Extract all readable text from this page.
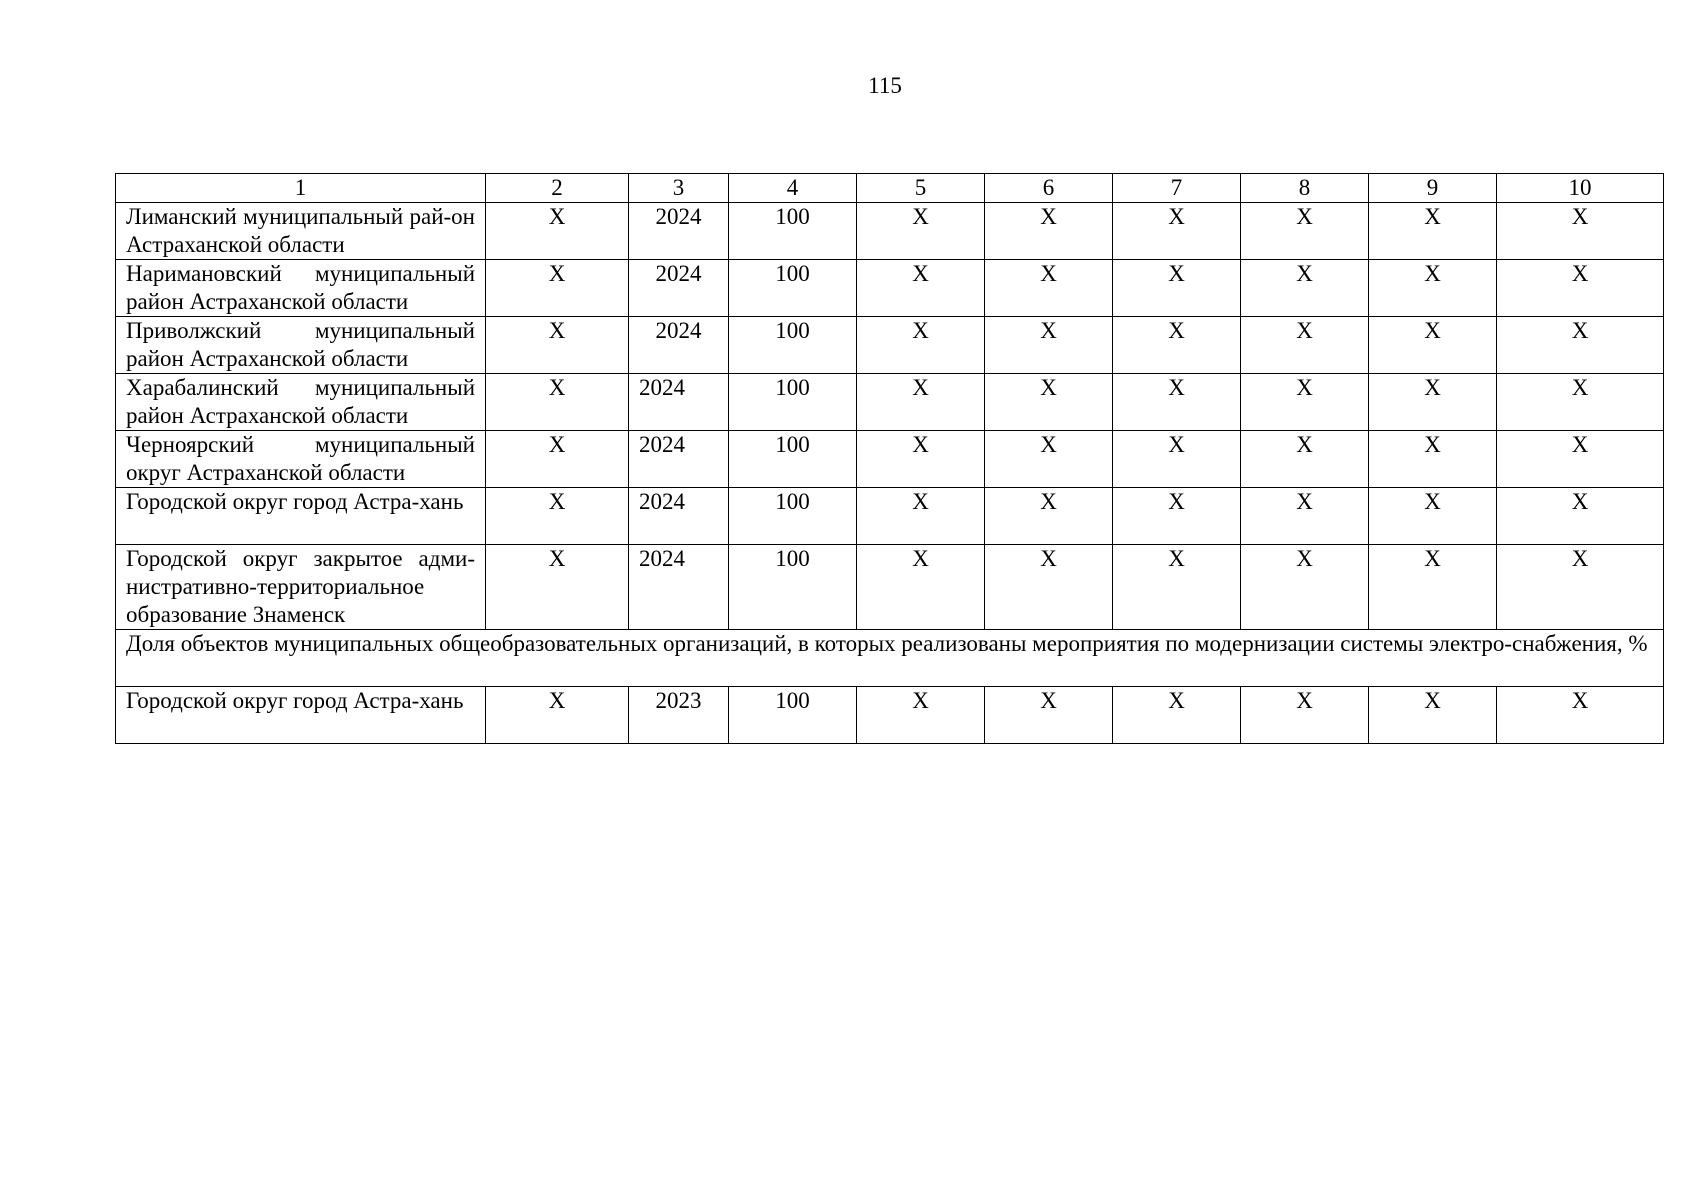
115
1	2	3	4	5	6	7	8	9	10
Лиманский муниципальный рай-он Астраханской области	X	2024	100	X	X	X	X	X	X
Наримановский муниципальный район Астраханской области	X	2024	100	X	X	X	X	X	X
Приволжский муниципальный район Астраханской области	X	2024	100	X	X	X	X	X	X
Харабалинский муниципальный район Астраханской области	X	2024	100	X	X	X	X	X	X
Черноярский муниципальный округ Астраханской области	X	2024	100	X	X	X	X	X	X
Городской округ город Астра-хань	X	2024	100	X	X	X	X	X	X
Городской округ закрытое адми-нистративно-территориальное образование Знаменск	X	2024	100	X	X	X	X	X	X
Доля объектов муниципальных общеобразовательных организаций, в которых реализованы мероприятия по модернизации системы электро-снабжения, %									
Городской округ город Астра-хань	X	2023	100	X	X	X	X	X	X
